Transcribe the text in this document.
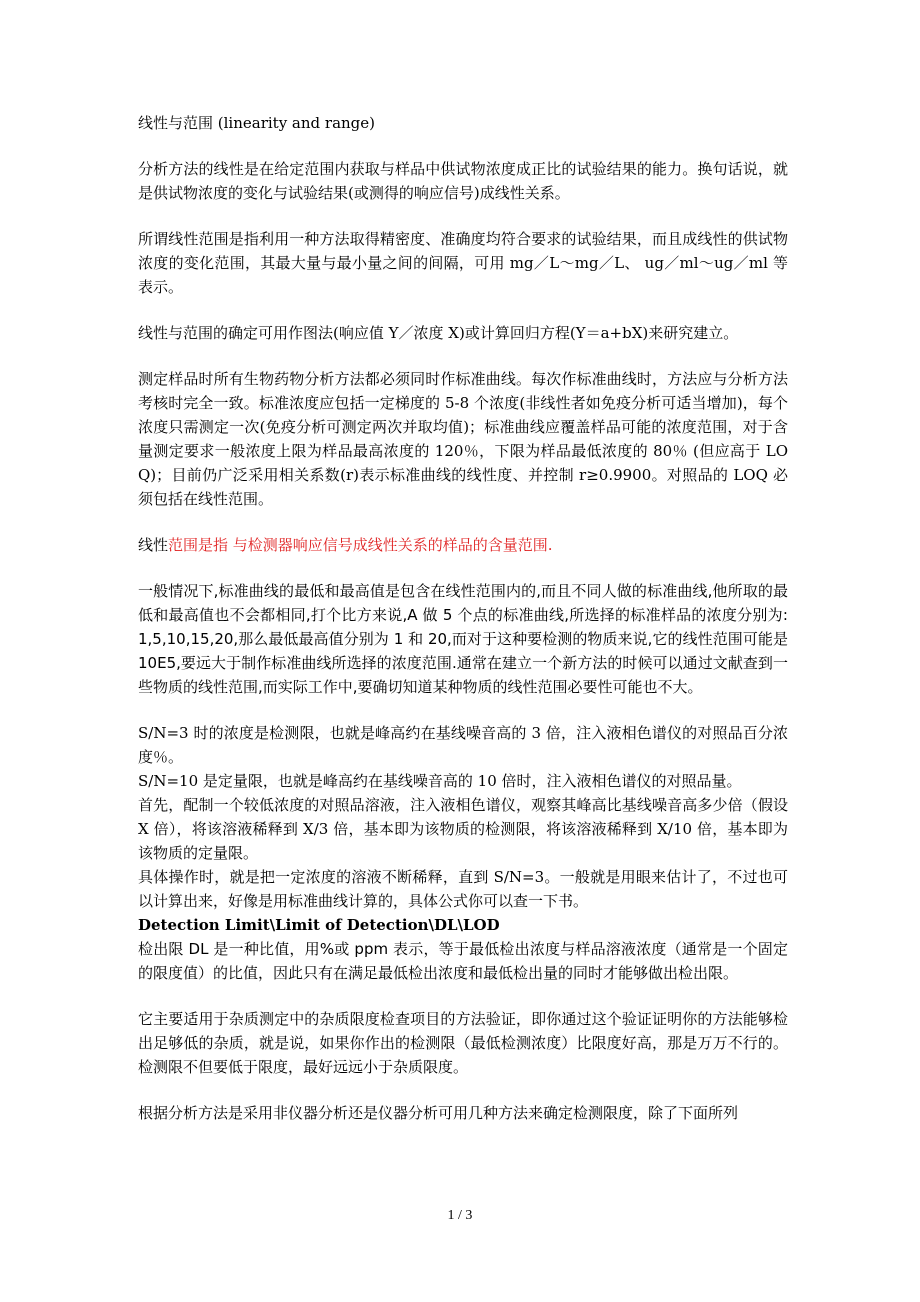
线性与范围 (linearity and range)

分析方法的线性是在给定范围内获取与样品中供试物浓度成正比的试验结果的能力。换句话说，就是供试物浓度的变化与试验结果(或测得的响应信号)成线性关系。

所谓线性范围是指利用一种方法取得精密度、准确度均符合要求的试验结果，而且成线性的供试物浓度的变化范围，其最大量与最小量之间的间隔，可用 mg／L～mg／L、 ug／ml～ug／ml 等表示。

线性与范围的确定可用作图法(响应值 Y／浓度 X)或计算回归方程(Y＝a+bX)来研究建立。

测定样品时所有生物药物分析方法都必须同时作标准曲线。每次作标准曲线时，方法应与分析方法考核时完全一致。标准浓度应包括一定梯度的 5-8 个浓度(非线性者如免疫分析可适当增加)，每个浓度只需测定一次(免疫分析可测定两次并取均值)；标准曲线应覆盖样品可能的浓度范围，对于含量测定要求一般浓度上限为样品最高浓度的 120％，下限为样品最低浓度的 80％ (但应高于 LOQ)；目前仍广泛采用相关系数(r)表示标准曲线的线性度、并控制 r≥0.9900。对照品的 LOQ 必须包括在线性范围。

线性范围是指 与检测器响应信号成线性关系的样品的含量范围.

一般情况下,标准曲线的最低和最高值是包含在线性范围内的,而且不同人做的标准曲线,他所取的最低和最高值也不会都相同,打个比方来说,A 做 5 个点的标准曲线,所选择的标准样品的浓度分别为:1,5,10,15,20,那么最低最高值分别为 1 和 20,而对于这种要检测的物质来说,它的线性范围可能是 10E5,要远大于制作标准曲线所选择的浓度范围.通常在建立一个新方法的时候可以通过文献查到一些物质的线性范围,而实际工作中,要确切知道某种物质的线性范围必要性可能也不大。

S/N=3 时的浓度是检测限，也就是峰高约在基线噪音高的 3 倍，注入液相色谱仪的对照品百分浓度％。

S/N=10 是定量限，也就是峰高约在基线噪音高的 10 倍时，注入液相色谱仪的对照品量。

首先，配制一个较低浓度的对照品溶液，注入液相色谱仪，观察其峰高比基线噪音高多少倍（假设 X 倍），将该溶液稀释到 X/3 倍，基本即为该物质的检测限，将该溶液稀释到 X/10 倍，基本即为该物质的定量限。

具体操作时，就是把一定浓度的溶液不断稀释，直到 S/N=3。一般就是用眼来估计了，不过也可以计算出来，好像是用标准曲线计算的，具体公式你可以查一下书。

Detection Limit\Limit of Detection\DL\LOD

检出限 DL 是一种比值，用%或 ppm 表示，等于最低检出浓度与样品溶液浓度（通常是一个固定的限度值）的比值，因此只有在满足最低检出浓度和最低检出量的同时才能够做出检出限。

它主要适用于杂质测定中的杂质限度检查项目的方法验证，即你通过这个验证证明你的方法能够检出足够低的杂质，就是说，如果你作出的检测限（最低检测浓度）比限度好高，那是万万不行的。检测限不但要低于限度，最好远远小于杂质限度。

根据分析方法是采用非仪器分析还是仪器分析可用几种方法来确定检测限度，除了下面所列

1 / 3
